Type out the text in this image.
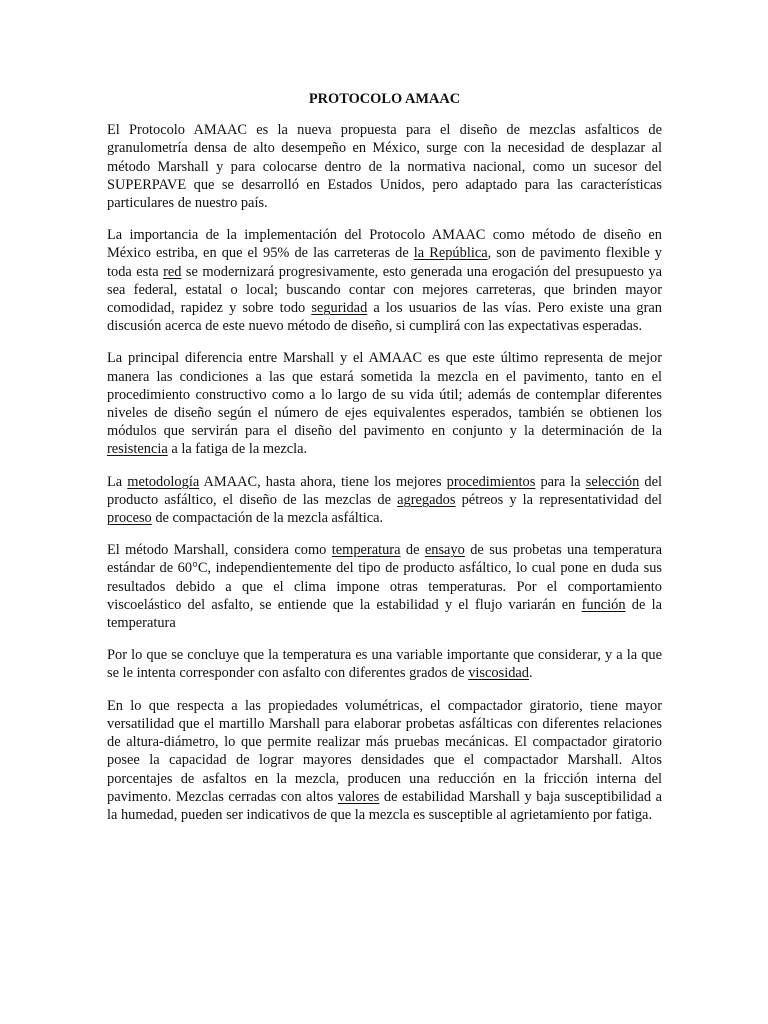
PROTOCOLO AMAAC

El Protocolo AMAAC es la nueva propuesta para el diseño de mezclas asfalticos de granulometría densa de alto desempeño en México, surge con la necesidad de desplazar al método Marshall y para colocarse dentro de la normativa nacional, como un sucesor del SUPERPAVE que se desarrolló en Estados Unidos, pero adaptado para las características particulares de nuestro país.

La importancia de la implementación del Protocolo AMAAC como método de diseño en México estriba, en que el 95% de las carreteras de la República, son de pavimento flexible y toda esta red se modernizará progresivamente, esto generada una erogación del presupuesto ya sea federal, estatal o local; buscando contar con mejores carreteras, que brinden mayor comodidad, rapidez y sobre todo seguridad a los usuarios de las vías. Pero existe una gran discusión acerca de este nuevo método de diseño, si cumplirá con las expectativas esperadas.

La principal diferencia entre Marshall y el AMAAC es que este último representa de mejor manera las condiciones a las que estará sometida la mezcla en el pavimento, tanto en el procedimiento constructivo como a lo largo de su vida útil; además de contemplar diferentes niveles de diseño según el número de ejes equivalentes esperados, también se obtienen los módulos que servirán para el diseño del pavimento en conjunto y la determinación de la resistencia a la fatiga de la mezcla.

La metodología AMAAC, hasta ahora, tiene los mejores procedimientos para la selección del producto asfáltico, el diseño de las mezclas de agregados pétreos y la representatividad del proceso de compactación de la mezcla asfáltica.

El método Marshall, considera como temperatura de ensayo de sus probetas una temperatura estándar de 60°C, independientemente del tipo de producto asfáltico, lo cual pone en duda sus resultados debido a que el clima impone otras temperaturas. Por el comportamiento viscoelástico del asfalto, se entiende que la estabilidad y el flujo variarán en función de la temperatura

Por lo que se concluye que la temperatura es una variable importante que considerar, y a la que se le intenta corresponder con asfalto con diferentes grados de viscosidad.

En lo que respecta a las propiedades volumétricas, el compactador giratorio, tiene mayor versatilidad que el martillo Marshall para elaborar probetas asfálticas con diferentes relaciones de altura-diámetro, lo que permite realizar más pruebas mecánicas. El compactador giratorio posee la capacidad de lograr mayores densidades que el compactador Marshall. Altos porcentajes de asfaltos en la mezcla, producen una reducción en la fricción interna del pavimento. Mezclas cerradas con altos valores de estabilidad Marshall y baja susceptibilidad a la humedad, pueden ser indicativos de que la mezcla es susceptible al agrietamiento por fatiga.
